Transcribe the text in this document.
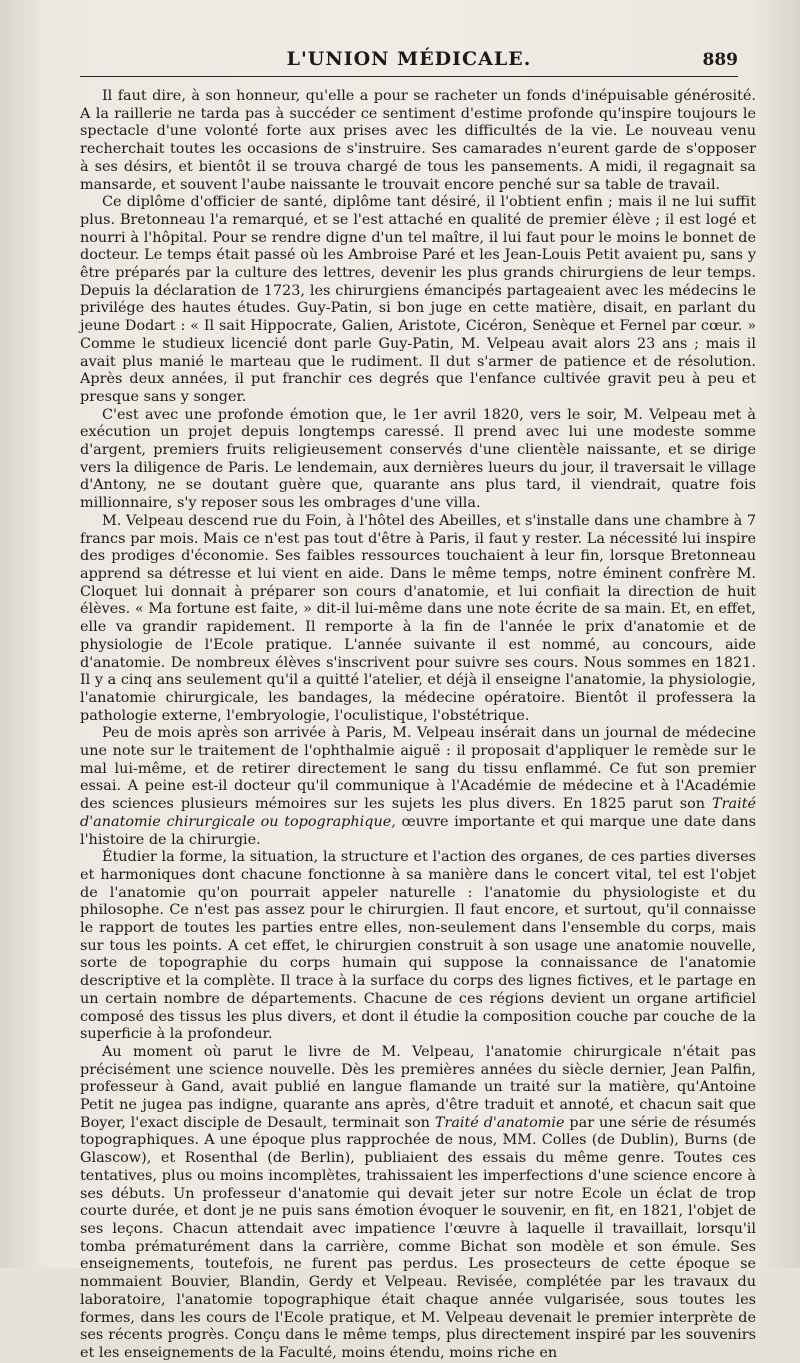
L'UNION MÉDICALE.	889

Il faut dire, à son honneur, qu'elle a pour se racheter un fonds d'inépuisable générosité. A la raillerie ne tarda pas à succéder ce sentiment d'estime profonde qu'inspire toujours le spectacle d'une volonté forte aux prises avec les difficultés de la vie. Le nouveau venu recherchait toutes les occasions de s'instruire. Ses camarades n'eurent garde de s'opposer à ses désirs, et bientôt il se trouva chargé de tous les pansements. A midi, il regagnait sa mansarde, et souvent l'aube naissante le trouvait encore penché sur sa table de travail.

Ce diplôme d'officier de santé, diplôme tant désiré, il l'obtient enfin ; mais il ne lui suffit plus. Bretonneau l'a remarqué, et se l'est attaché en qualité de premier élève ; il est logé et nourri à l'hôpital. Pour se rendre digne d'un tel maître, il lui faut pour le moins le bonnet de docteur. Le temps était passé où les Ambroise Paré et les Jean-Louis Petit avaient pu, sans y être préparés par la culture des lettres, devenir les plus grands chirurgiens de leur temps. Depuis la déclaration de 1723, les chirurgiens émancipés partageaient avec les médecins le privilége des hautes études. Guy-Patin, si bon juge en cette matière, disait, en parlant du jeune Dodart : « Il sait Hippocrate, Galien, Aristote, Cicéron, Senèque et Fernel par cœur. » Comme le studieux licencié dont parle Guy-Patin, M. Velpeau avait alors 23 ans ; mais il avait plus manié le marteau que le rudiment. Il dut s'armer de patience et de résolution. Après deux années, il put franchir ces degrés que l'enfance cultivée gravit peu à peu et presque sans y songer.

C'est avec une profonde émotion que, le 1er avril 1820, vers le soir, M. Velpeau met à exécution un projet depuis longtemps caressé. Il prend avec lui une modeste somme d'argent, premiers fruits religieusement conservés d'une clientèle naissante, et se dirige vers la diligence de Paris. Le lendemain, aux dernières lueurs du jour, il traversait le village d'Antony, ne se doutant guère que, quarante ans plus tard, il viendrait, quatre fois millionnaire, s'y reposer sous les ombrages d'une villa.

M. Velpeau descend rue du Foin, à l'hôtel des Abeilles, et s'installe dans une chambre à 7 francs par mois. Mais ce n'est pas tout d'être à Paris, il faut y rester. La nécessité lui inspire des prodiges d'économie. Ses faibles ressources touchaient à leur fin, lorsque Bretonneau apprend sa détresse et lui vient en aide. Dans le même temps, notre éminent confrère M. Cloquet lui donnait à préparer son cours d'anatomie, et lui confiait la direction de huit élèves. « Ma fortune est faite, » dit-il lui-même dans une note écrite de sa main. Et, en effet, elle va grandir rapidement. Il remporte à la fin de l'année le prix d'anatomie et de physiologie de l'Ecole pratique. L'année suivante il est nommé, au concours, aide d'anatomie. De nombreux élèves s'inscrivent pour suivre ses cours. Nous sommes en 1821. Il y a cinq ans seulement qu'il a quitté l'atelier, et déjà il enseigne l'anatomie, la physiologie, l'anatomie chirurgicale, les bandages, la médecine opératoire. Bientôt il professera la pathologie externe, l'embryologie, l'oculistique, l'obstétrique.

Peu de mois après son arrivée à Paris, M. Velpeau insérait dans un journal de médecine une note sur le traitement de l'ophthalmie aiguë : il proposait d'appliquer le remède sur le mal lui-même, et de retirer directement le sang du tissu enflammé. Ce fut son premier essai. A peine est-il docteur qu'il communique à l'Académie de médecine et à l'Académie des sciences plusieurs mémoires sur les sujets les plus divers. En 1825 parut son Traité d'anatomie chirurgicale ou topographique, œuvre importante et qui marque une date dans l'histoire de la chirurgie.

Étudier la forme, la situation, la structure et l'action des organes, de ces parties diverses et harmoniques dont chacune fonctionne à sa manière dans le concert vital, tel est l'objet de l'anatomie qu'on pourrait appeler naturelle : l'anatomie du physiologiste et du philosophe. Ce n'est pas assez pour le chirurgien. Il faut encore, et surtout, qu'il connaisse le rapport de toutes les parties entre elles, non-seulement dans l'ensemble du corps, mais sur tous les points. A cet effet, le chirurgien construit à son usage une anatomie nouvelle, sorte de topographie du corps humain qui suppose la connaissance de l'anatomie descriptive et la complète. Il trace à la surface du corps des lignes fictives, et le partage en un certain nombre de départements. Chacune de ces régions devient un organe artificiel composé des tissus les plus divers, et dont il étudie la composition couche par couche de la superficie à la profondeur.

Au moment où parut le livre de M. Velpeau, l'anatomie chirurgicale n'était pas précisément une science nouvelle. Dès les premières années du siècle dernier, Jean Palfin, professeur à Gand, avait publié en langue flamande un traité sur la matière, qu'Antoine Petit ne jugea pas indigne, quarante ans après, d'être traduit et annoté, et chacun sait que Boyer, l'exact disciple de Desault, terminait son Traité d'anatomie par une série de résumés topographiques. A une époque plus rapprochée de nous, MM. Colles (de Dublin), Burns (de Glascow), et Rosenthal (de Berlin), publiaient des essais du même genre. Toutes ces tentatives, plus ou moins incomplètes, trahissaient les imperfections d'une science encore à ses débuts. Un professeur d'anatomie qui devait jeter sur notre Ecole un éclat de trop courte durée, et dont je ne puis sans émotion évoquer le souvenir, en fit, en 1821, l'objet de ses leçons. Chacun attendait avec impatience l'œuvre à laquelle il travaillait, lorsqu'il tomba prématurément dans la carrière, comme Bichat son modèle et son émule. Ses enseignements, toutefois, ne furent pas perdus. Les prosecteurs de cette époque se nommaient Bouvier, Blandin, Gerdy et Velpeau. Revisée, complétée par les travaux du laboratoire, l'anatomie topographique était chaque année vulgarisée, sous toutes les formes, dans les cours de l'Ecole pratique, et M. Velpeau devenait le premier interprète de ses récents progrès. Conçu dans le même temps, plus directement inspiré par les souvenirs et les enseignements de la Faculté, moins étendu, moins riche en
